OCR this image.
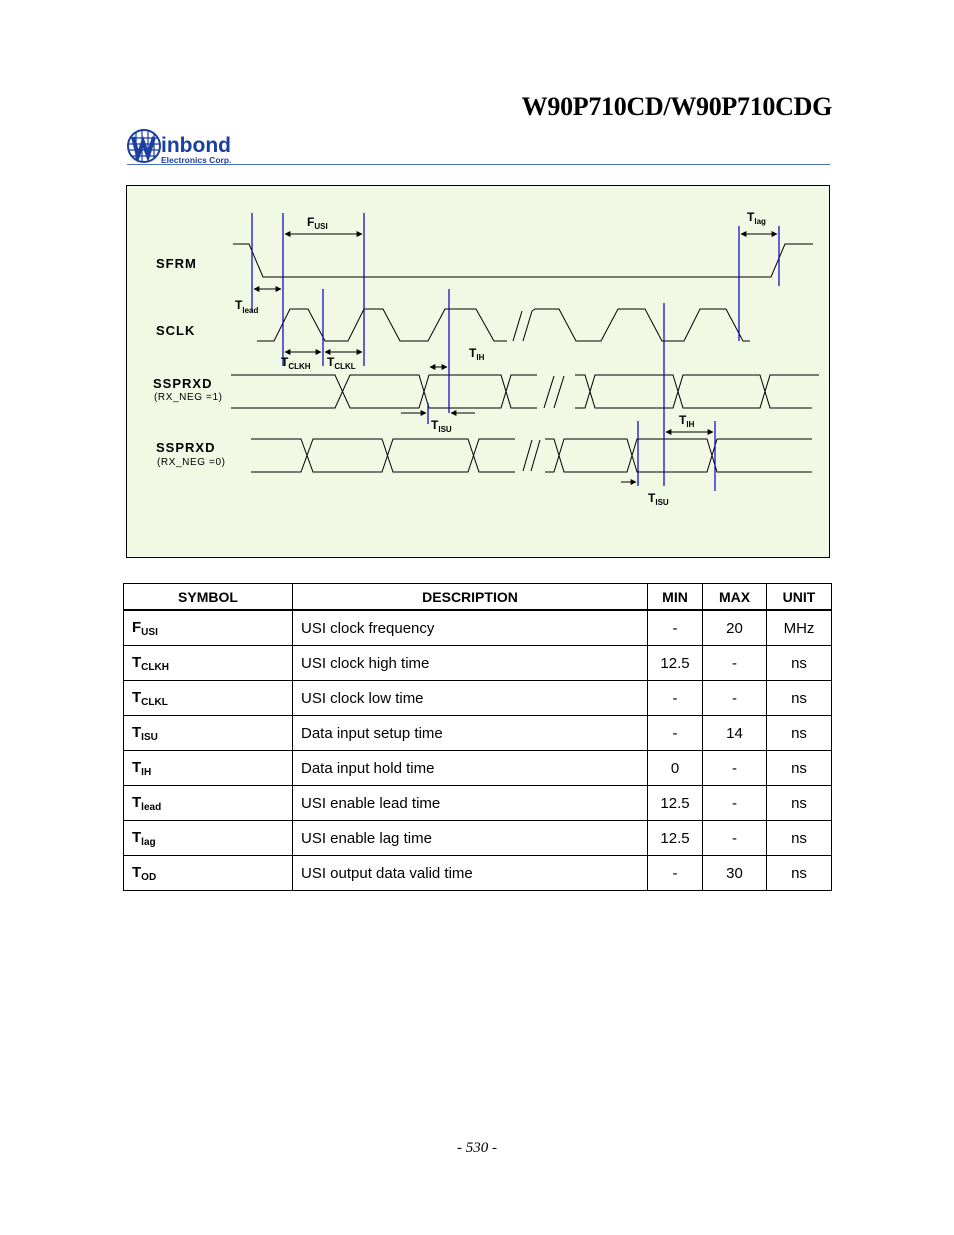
W90P710CD/W90P710CDG
inbond
Electronics Corp.
SFRM
SCLK
SSPRXD
SSPRXD
(RX_NEG =1)
(RX_NEG =0)
$F_{USI}$
$T_{lag}$
$T_{lead}$
$T_{CLKH}$ $T_{CLKL}$
$T_{IH}$
$T_{ISU}$
$T_{IH}$
$T_{ISU}$
SYMBOL	DESCRIPTION	MIN	MAX	UNIT
$F_{USI}$	USI clock frequency	-	20	MHz
$T_{CLKH}$	USI clock high time	12.5	-	ns
$T_{CLKL}$	USI clock low time	-	-	ns
$T_{ISU}$	Data input setup time	-	14	ns
$T_{IH}$	Data input hold time	0	-	ns
$T_{lead}$	USI enable lead time	12.5	-	ns
$T_{lag}$	USI enable lag time	12.5	-	ns
$T_{OD}$	USI output data valid time	-	30	ns
- 530 -
